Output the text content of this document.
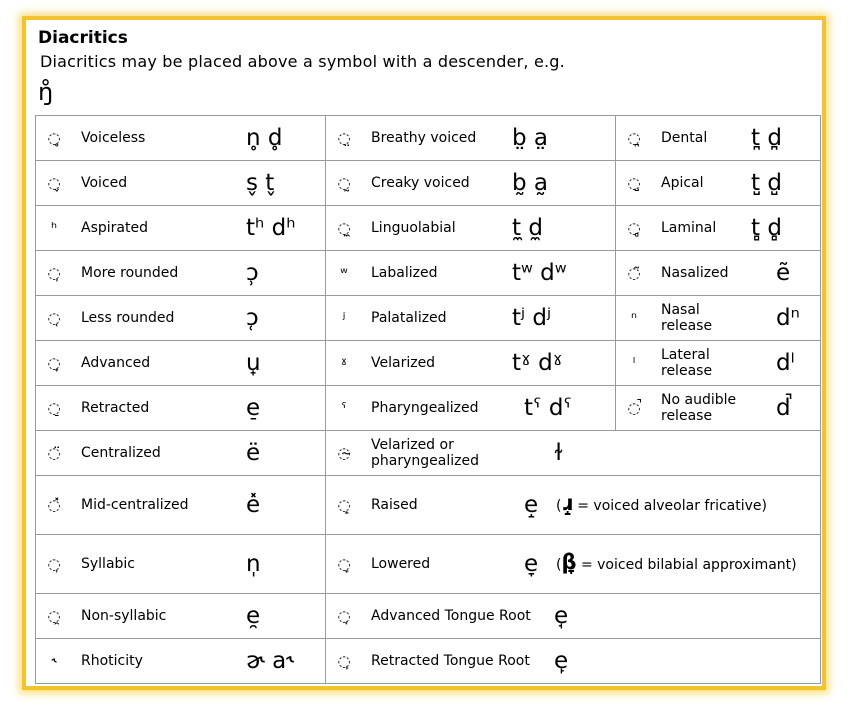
Diacritics
Diacritics may be placed above a symbol with a descender, e.g.
ŋ̊
◌̥ Voiceless n̥ d̥	◌̤ Breathy voiced b̤ a̤	◌̪ Dental t̪ d̪

◌̬ Voiced s̬ t̬	◌̰ Creaky voiced b̰ a̰	◌̺ Apical t̺ d̺

ʰ Aspirated tʰ dʰ	◌̼ Linguolabial t̼ d̼	◌̻ Laminal t̻ d̻

◌̹ More rounded ɔ̹	ʷ Labalized tʷ dʷ	◌̃ Nasalized ẽ

◌̜ Less rounded ɔ̜	ʲ Palatalized tʲ dʲ	ⁿ Nasal release dⁿ

◌̟ Advanced u̟	ˠ Velarized tˠ dˠ	ˡ Lateral release dˡ

◌̠ Retracted e̠	ˤ Pharyngealized tˤ dˤ	◌̚ No audible release d̚

◌̈ Centralized ë	◌̴ Velarized or pharyngealized ɫ	

◌̽ Mid-centralized e̽	◌̝ Raised e̝ (ɹ̝ = voiced alveolar fricative)	

◌̩ Syllabic n̩	◌̞ Lowered e̞ (β̞ = voiced bilabial approximant)	

◌̯ Non-syllabic e̯	◌̘ Advanced Tongue Root e̘	

˞ Rhoticity ɚ a˞	◌̙ Retracted Tongue Root e̙	
